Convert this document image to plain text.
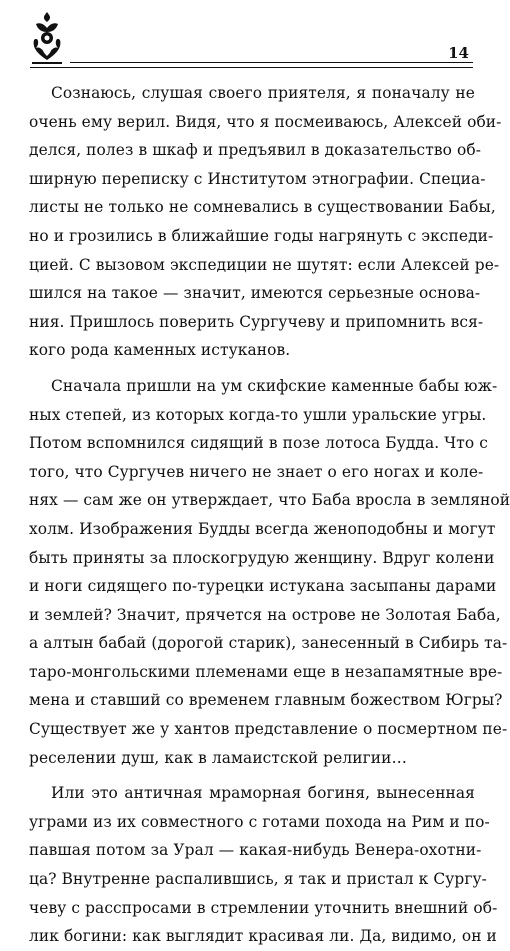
14
Сознаюсь, слушая своего приятеля, я поначалу не
очень ему верил. Видя, что я посмеиваюсь, Алексей оби-
делся, полез в шкаф и предъявил в доказательство об-
ширную переписку с Институтом этнографии. Специа-
листы не только не сомневались в существовании Бабы,
но и грозились в ближайшие годы нагрянуть с экспеди-
цией. С вызовом экспедиции не шутят: если Алексей ре-
шился на такое — значит, имеются серьезные основа-
ния. Пришлось поверить Сургучеву и припомнить вся-
кого рода каменных истуканов.
Сначала пришли на ум скифские каменные бабы юж-
ных степей, из которых когда-то ушли уральские угры.
Потом вспомнился сидящий в позе лотоса Будда. Что с
того, что Сургучев ничего не знает о его ногах и коле-
нях — сам же он утверждает, что Баба вросла в земляной
холм. Изображения Будды всегда женоподобны и могут
быть приняты за плоскогрудую женщину. Вдруг колени
и ноги сидящего по-турецки истукана засыпаны дарами
и землей? Значит, прячется на острове не Золотая Баба,
а алтын бабай (дорогой старик), занесенный в Сибирь та-
таро-монгольскими племенами еще в незапамятные вре-
мена и ставший со временем главным божеством Югры?
Существует же у хантов представление о посмертном пе-
реселении душ, как в ламаистской религии…
Или это античная мраморная богиня, вынесенная
уграми из их совместного с готами похода на Рим и по-
павшая потом за Урал — какая-нибудь Венера-охотни-
ца? Внутренне распалившись, я так и пристал к Сургу-
чеву с расспросами в стремлении уточнить внешний об-
лик богини: как выглядит красивая ли. Да, видимо, он и
